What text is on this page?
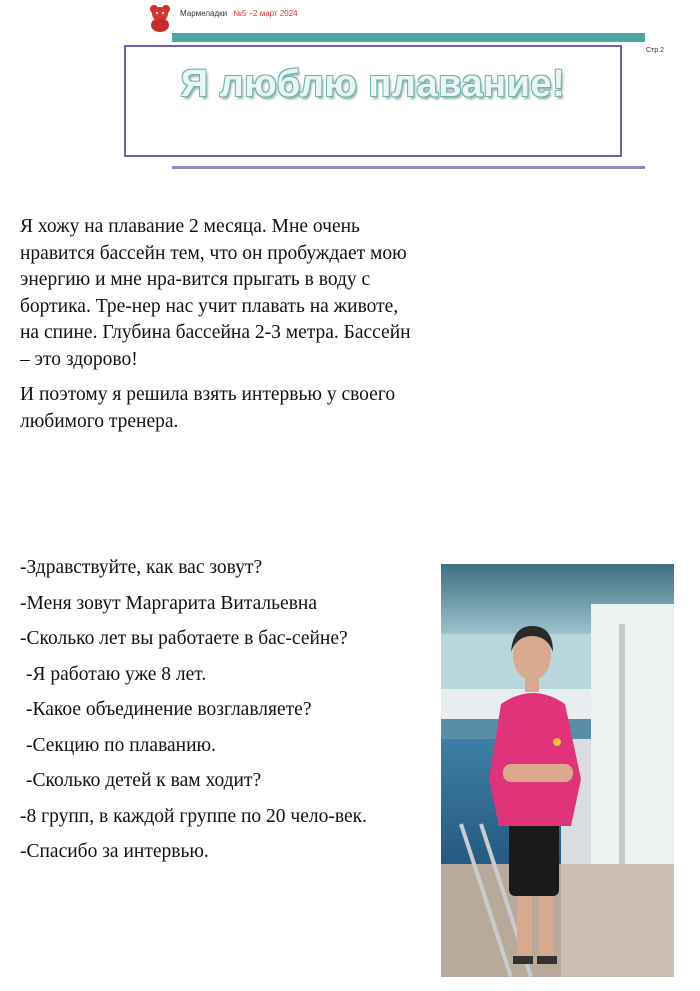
Мармеладки №5 –2 март 2024
Стр.2
Я люблю плавание!

Я хожу на плавание 2 месяца. Мне очень нравится бассейн тем, что он пробуждает мою энергию и мне нра-вится прыгать в воду с бортика. Тре-нер нас учит плавать на животе, на спине. Глубина бассейна 2-3 метра. Бассейн – это здорово!

И поэтому я решила взять интервью у своего любимого тренера.

-Здравствуйте, как вас зовут?

-Меня зовут Маргарита Витальевна

-Сколько лет вы работаете в бас-сейне?

-Я работаю уже 8 лет.

-Какое объединение возглавляете?

-Секцию по плаванию.

-Сколько детей к вам ходит?

-8 групп, в каждой группе по 20 чело-век.

-Спасибо за интервью.
